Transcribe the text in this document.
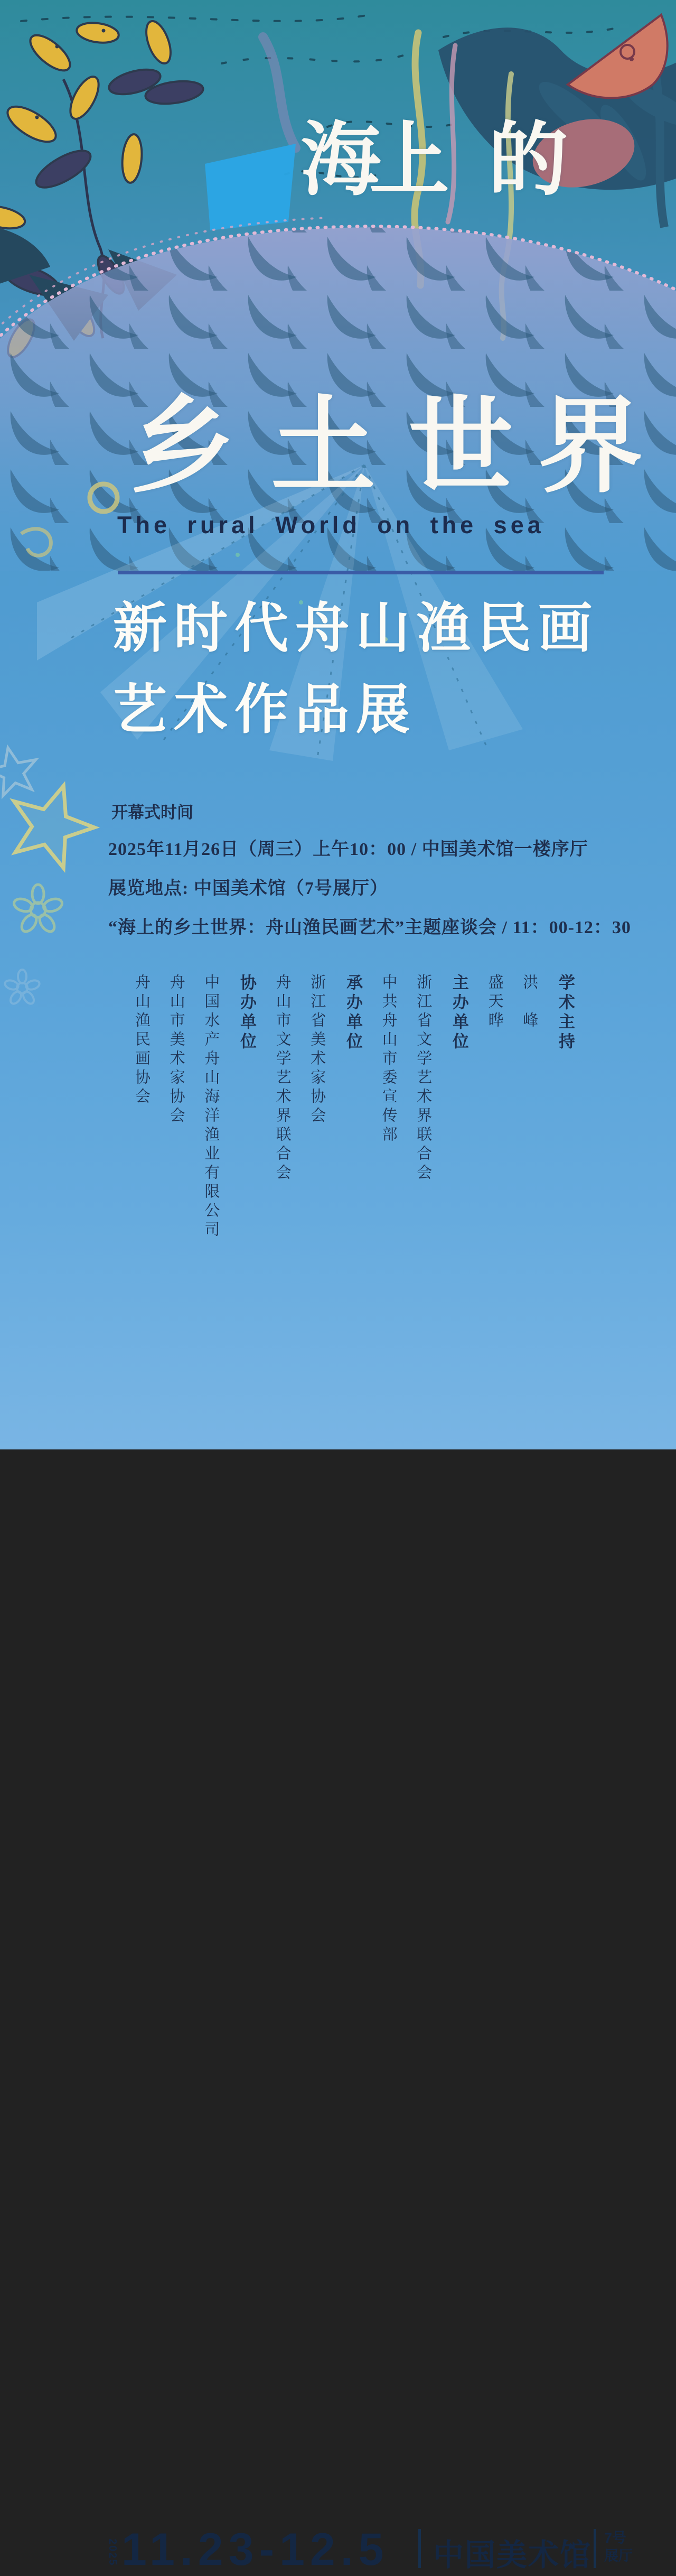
海
上 的
乡 土 世 界
The rural World on the sea
新时代舟山渔民画
艺术作品展

开幕式时间

2025年11月26日（周三）上午10：00 / 中国美术馆一楼序厅

展览地点: 中国美术馆（7号展厅）

“海上的乡土世界：舟山渔民画艺术”主题座谈会 / 11：00-12：30

学术主持
洪　峰
盛天晔
主办单位
浙江省文学艺术界联合会
中共舟山市委宣传部
承办单位
浙江省美术家协会
舟山市文学艺术界联合会
协办单位
中国水产舟山海洋渔业有限公司
舟山市美术家协会
舟山渔民画协会
2025 11.23-12.5 中国美术馆 7号
展厅
